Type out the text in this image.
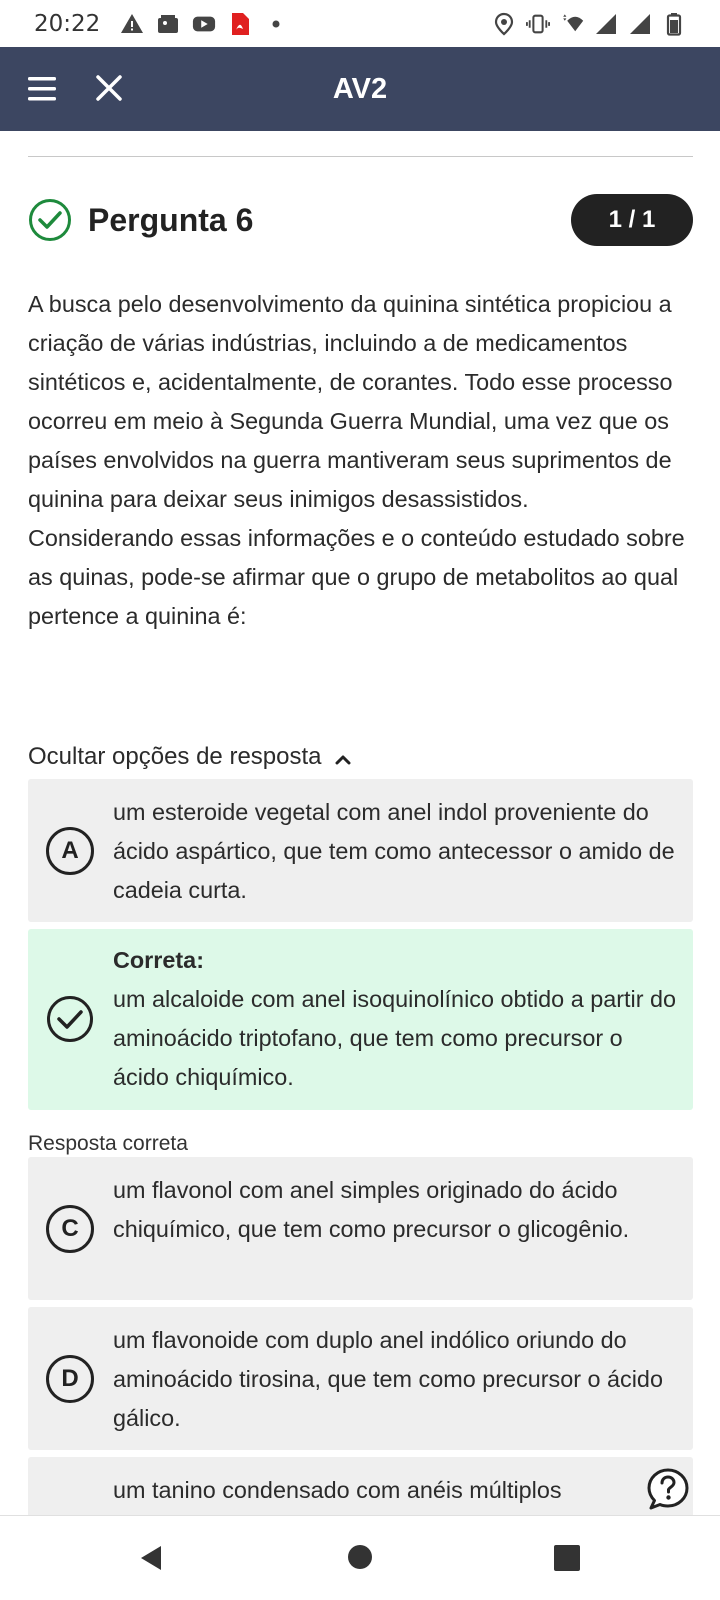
20:22
AV2
Pergunta 6	1 / 1

A busca pelo desenvolvimento da quinina sintética propiciou a criação de várias indústrias, incluindo a de medicamentos sintéticos e, acidentalmente, de corantes. Todo esse processo ocorreu em meio à Segunda Guerra Mundial, uma vez que os países envolvidos na guerra mantiveram seus suprimentos de quinina para deixar seus inimigos desassistidos.

Considerando essas informações e o conteúdo estudado sobre as quinas, pode-se afirmar que o grupo de metabolitos ao qual pertence a quinina é:

Ocultar opções de resposta
A
um esteroide vegetal com anel indol proveniente do ácido aspártico, que tem como antecessor o amido de cadeia curta.
Correta:
um alcaloide com anel isoquinolínico obtido a partir do aminoácido triptofano, que tem como precursor o ácido chiquímico.
Resposta correta
C
um flavonol com anel simples originado do ácido chiquímico, que tem como precursor o glicogênio.
D
um flavonoide com duplo anel indólico oriundo do aminoácido tirosina, que tem como precursor o ácido gálico.
um tanino condensado com anéis múltiplos
